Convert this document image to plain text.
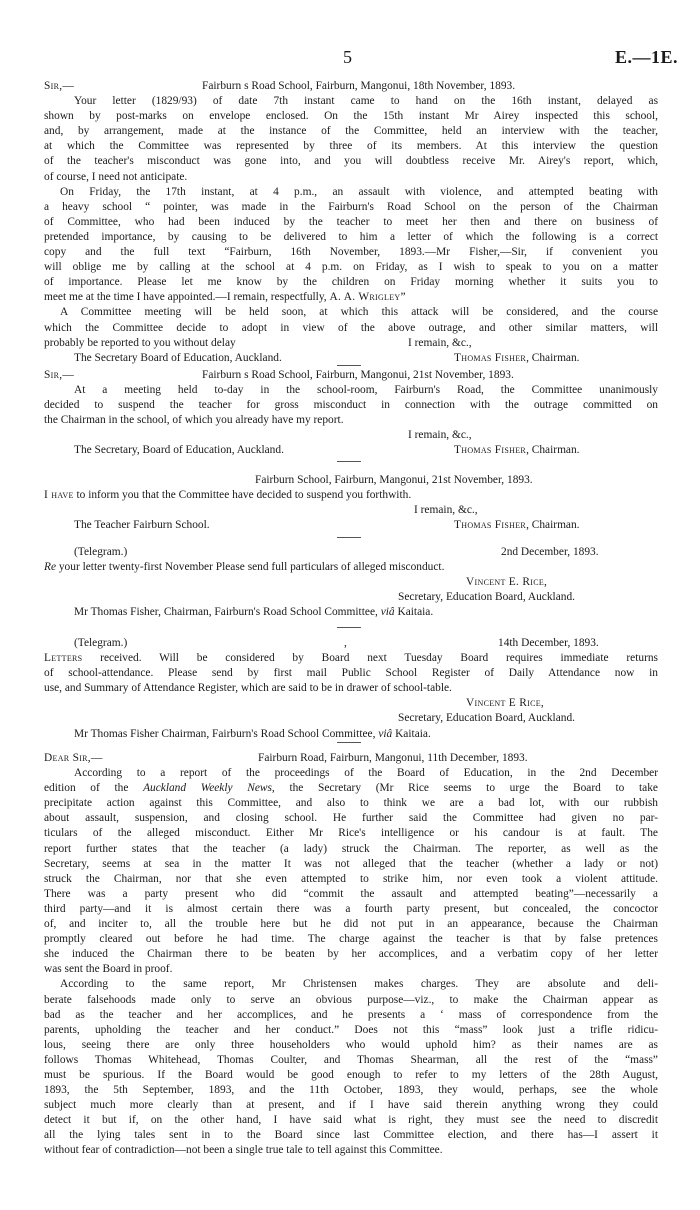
5	E.—1E.
Sir,—	Fairburn s Road School, Fairburn, Mangonui, 18th November, 1893.
Your letter (1829/93) of date 7th instant came to hand on the 16th instant, delayed as
shown by post-marks on envelope enclosed. On the 15th instant Mr Airey inspected this school,
and, by arrangement, made at the instance of the Committee, held an interview with the teacher,
at which the Committee was represented by three of its members. At this interview the question
of the teacher's misconduct was gone into, and you will doubtless receive Mr. Airey's report, which,
of course, I need not anticipate.
On Friday, the 17th instant, at 4 p.m., an assault with violence, and attempted beating with
a heavy school “ pointer, was made in the Fairburn's Road School on the person of the Chairman
of Committee, who had been induced by the teacher to meet her then and there on business of
pretended importance, by causing to be delivered to him a letter of which the following is a correct
copy and the full text “Fairburn, 16th November, 1893.—Mr Fisher,—Sir, if convenient you
will oblige me by calling at the school at 4 p.m. on Friday, as I wish to speak to you on a matter
of importance. Please let me know by the children on Friday morning whether it suits you to
meet me at the time I have appointed.—I remain, respectfully, A. A. Wrigley”
A Committee meeting will be held soon, at which this attack will be considered, and the course
which the Committee decide to adopt in view of the above outrage, and other similar matters, will
probably be reported to you without delay	I remain, &c.,
The Secretary Board of Education, Auckland.	Thomas Fisher, Chairman.
Sir,—	Fairburn s Road School, Fairburn, Mangonui, 21st November, 1893.
At a meeting held to-day in the school-room, Fairburn's Road, the Committee unanimously
decided to suspend the teacher for gross misconduct in connection with the outrage committed on
the Chairman in the school, of which you already have my report.
I remain, &c.,
The Secretary, Board of Education, Auckland.	Thomas Fisher, Chairman.
Fairburn School, Fairburn, Mangonui, 21st November, 1893.
I have to inform you that the Committee have decided to suspend you forthwith.
I remain, &c.,
The Teacher Fairburn School.	Thomas Fisher, Chairman.
(Telegram.)	2nd December, 1893.
Re your letter twenty-first November Please send full particulars of alleged misconduct.
Vincent E. Rice,
Secretary, Education Board, Auckland.
Mr Thomas Fisher, Chairman, Fairburn's Road School Committee, viâ Kaitaia.
(Telegram.)	,	14th December, 1893.
Letters received. Will be considered by Board next Tuesday Board requires immediate returns
of school-attendance. Please send by first mail Public School Register of Daily Attendance now in
use, and Summary of Attendance Register, which are said to be in drawer of school-table.
Vincent E Rice,
Secretary, Education Board, Auckland.
Mr Thomas Fisher Chairman, Fairburn's Road School Committee, viâ Kaitaia.
Dear Sir,—	Fairburn Road, Fairburn, Mangonui, 11th December, 1893.
According to a report of the proceedings of the Board of Education, in the 2nd December
edition of the Auckland Weekly News, the Secretary (Mr Rice seems to urge the Board to take
precipitate action against this Committee, and also to think we are a bad lot, with our rubbish
about assault, suspension, and closing school. He further said the Committee had given no par-
ticulars of the alleged misconduct. Either Mr Rice's intelligence or his candour is at fault. The
report further states that the teacher (a lady) struck the Chairman. The reporter, as well as the
Secretary, seems at sea in the matter It was not alleged that the teacher (whether a lady or not)
struck the Chairman, nor that she even attempted to strike him, nor even took a violent attitude.
There was a party present who did “commit the assault and attempted beating”—necessarily a
third party—and it is almost certain there was a fourth party present, but concealed, the concoctor
of, and inciter to, all the trouble here but he did not put in an appearance, because the Chairman
promptly cleared out before he had time. The charge against the teacher is that by false pretences
she induced the Chairman there to be beaten by her accomplices, and a verbatim copy of her letter
was sent the Board in proof.
According to the same report, Mr Christensen makes charges. They are absolute and deli-
berate falsehoods made only to serve an obvious purpose—viz., to make the Chairman appear as
bad as the teacher and her accomplices, and he presents a ‘ mass of correspondence from the
parents, upholding the teacher and her conduct.” Does not this “mass” look just a trifle ridicu-
lous, seeing there are only three householders who would uphold him? as their names are as
follows Thomas Whitehead, Thomas Coulter, and Thomas Shearman, all the rest of the “mass”
must be spurious. If the Board would be good enough to refer to my letters of the 28th August,
1893, the 5th September, 1893, and the 11th October, 1893, they would, perhaps, see the whole
subject much more clearly than at present, and if I have said therein anything wrong they could
detect it but if, on the other hand, I have said what is right, they must see the need to discredit
all the lying tales sent in to the Board since last Committee election, and there has—I assert it
without fear of contradiction—not been a single true tale to tell against this Committee.
